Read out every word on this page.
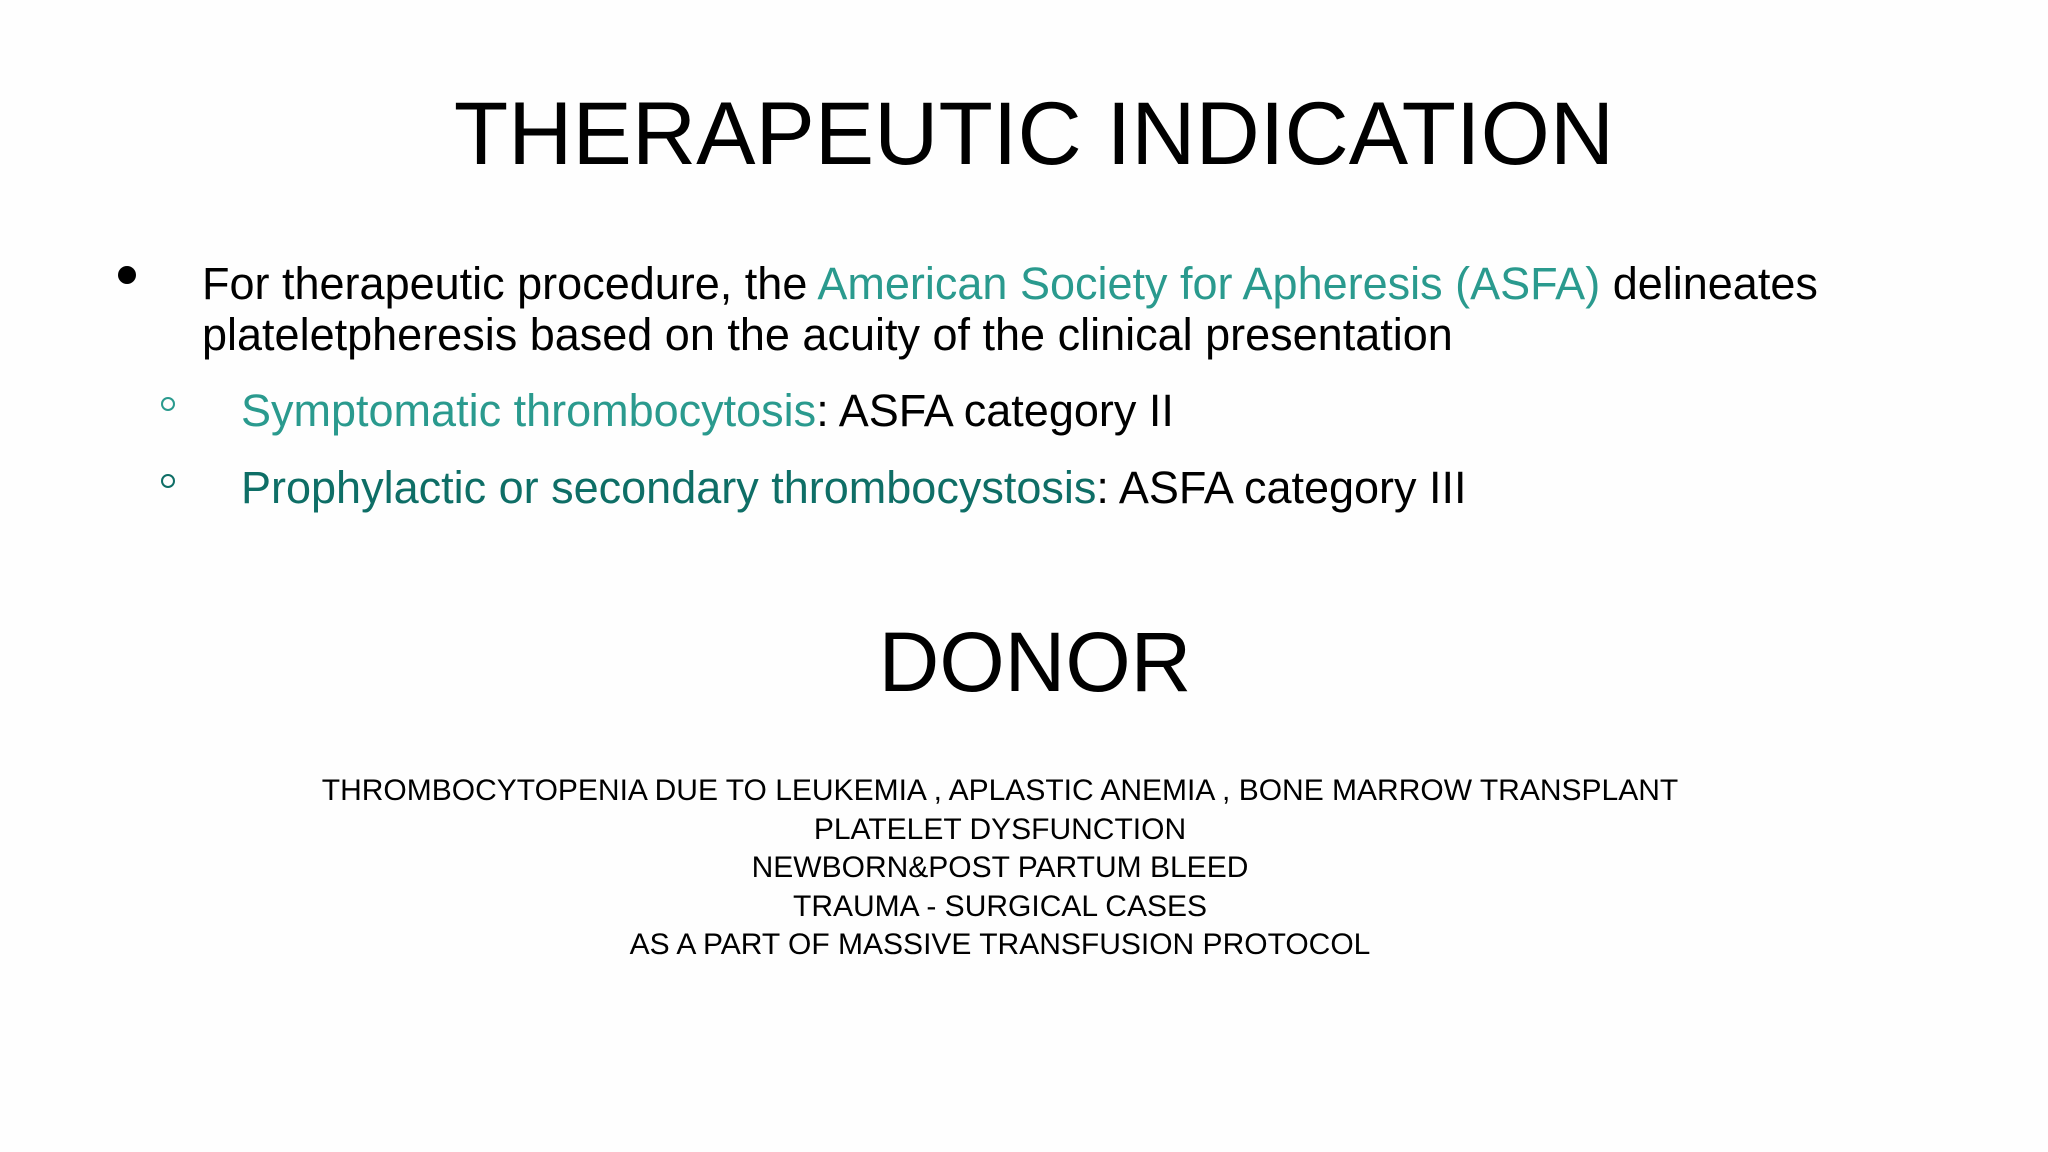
THERAPEUTIC INDICATION
For therapeutic procedure, the American Society for Apheresis (ASFA) delineates plateletpheresis based on the acuity of the clinical presentation
Symptomatic thrombocytosis: ASFA category II
Prophylactic or secondary thrombocystosis: ASFA category III
DONOR
THROMBOCYTOPENIA DUE TO LEUKEMIA , APLASTIC ANEMIA , BONE MARROW TRANSPLANT
PLATELET DYSFUNCTION
NEWBORN&POST PARTUM BLEED
TRAUMA - SURGICAL CASES
AS A PART OF MASSIVE TRANSFUSION PROTOCOL
